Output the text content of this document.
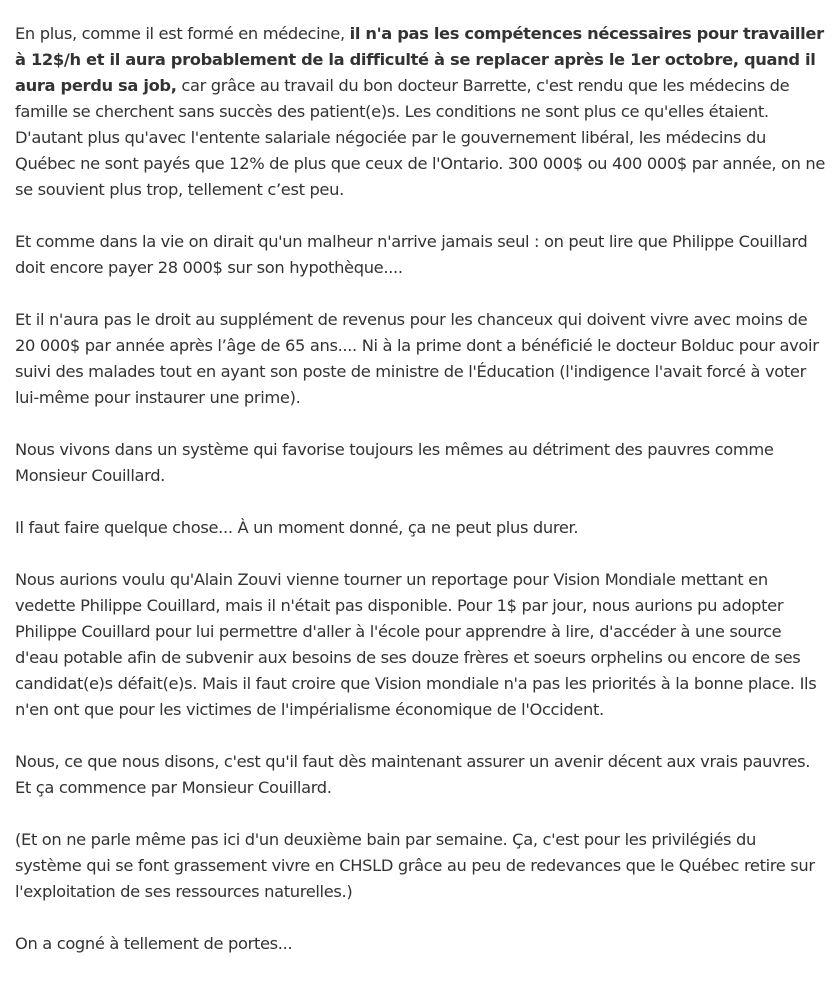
En plus, comme il est formé en médecine, il n'a pas les compétences nécessaires pour travailler à 12$/h et il aura probablement de la difficulté à se replacer après le 1er octobre, quand il aura perdu sa job, car grâce au travail du bon docteur Barrette, c'est rendu que les médecins de famille se cherchent sans succès des patient(e)s. Les conditions ne sont plus ce qu'elles étaient. D'autant plus qu'avec l'entente salariale négociée par le gouvernement libéral, les médecins du Québec ne sont payés que 12% de plus que ceux de l'Ontario. 300 000$ ou 400 000$ par année, on ne se souvient plus trop, tellement c’est peu.

Et comme dans la vie on dirait qu'un malheur n'arrive jamais seul : on peut lire que Philippe Couillard doit encore payer 28 000$ sur son hypothèque....

Et il n'aura pas le droit au supplément de revenus pour les chanceux qui doivent vivre avec moins de 20 000$ par année après l’âge de 65 ans.... Ni à la prime dont a bénéficié le docteur Bolduc pour avoir suivi des malades tout en ayant son poste de ministre de l'Éducation (l'indigence l'avait forcé à voter lui-même pour instaurer une prime).

Nous vivons dans un système qui favorise toujours les mêmes au détriment des pauvres comme Monsieur Couillard.

Il faut faire quelque chose... À un moment donné, ça ne peut plus durer.

Nous aurions voulu qu'Alain Zouvi vienne tourner un reportage pour Vision Mondiale mettant en vedette Philippe Couillard, mais il n'était pas disponible. Pour 1$ par jour, nous aurions pu adopter Philippe Couillard pour lui permettre d'aller à l'école pour apprendre à lire, d'accéder à une source d'eau potable afin de subvenir aux besoins de ses douze frères et soeurs orphelins ou encore de ses candidat(e)s défait(e)s. Mais il faut croire que Vision mondiale n'a pas les priorités à la bonne place. Ils n'en ont que pour les victimes de l'impérialisme économique de l'Occident.

Nous, ce que nous disons, c'est qu'il faut dès maintenant assurer un avenir décent aux vrais pauvres. Et ça commence par Monsieur Couillard.

(Et on ne parle même pas ici d'un deuxième bain par semaine. Ça, c'est pour les privilégiés du système qui se font grassement vivre en CHSLD grâce au peu de redevances que le Québec retire sur l'exploitation de ses ressources naturelles.)

On a cogné à tellement de portes...
